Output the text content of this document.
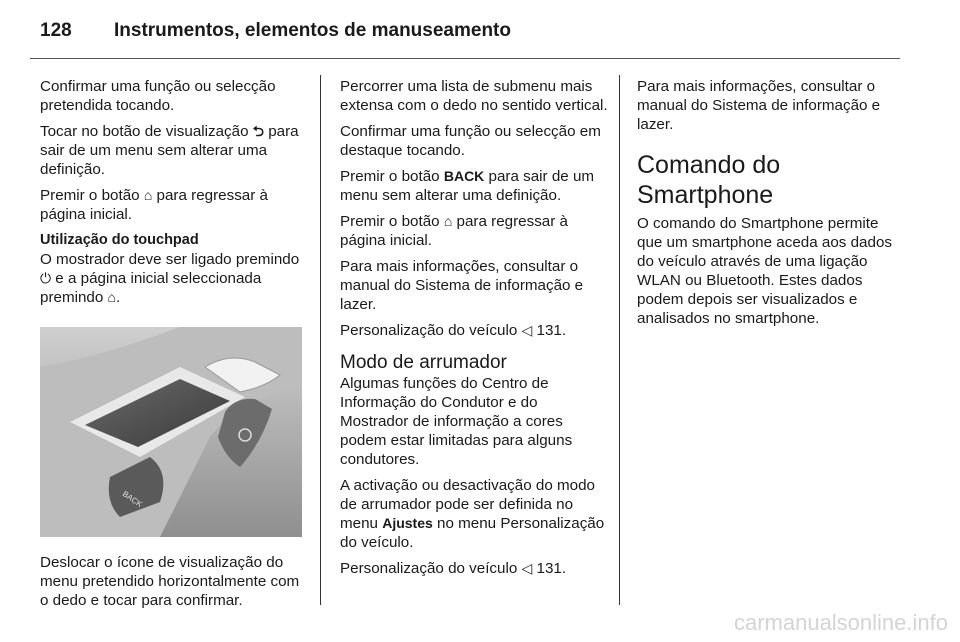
128 Instrumentos, elementos de manuseamento

Confirmar uma função ou selecção pretendida tocando.

Tocar no botão de visualização ⮌ para sair de um menu sem alterar uma definição.

Premir o botão ⌂ para regressar à página inicial.

Utilização do touchpad

O mostrador deve ser ligado premindo ⏻ e a página inicial seleccionada premindo ⌂.

BACK

Deslocar o ícone de visualização do menu pretendido horizontalmente com o dedo e tocar para confirmar.

Percorrer uma lista de submenu mais extensa com o dedo no sentido vertical.

Confirmar uma função ou selecção em destaque tocando.

Premir o botão BACK para sair de um menu sem alterar uma definição.

Premir o botão ⌂ para regressar à página inicial.

Para mais informações, consultar o manual do Sistema de informação e lazer.

Personalização do veículo ◁ 131.

Modo de arrumador

Algumas funções do Centro de Informação do Condutor e do Mostrador de informação a cores podem estar limitadas para alguns condutores.

A activação ou desactivação do modo de arrumador pode ser definida no menu Ajustes no menu Personalização do veículo.

Personalização do veículo ◁ 131.

Para mais informações, consultar o manual do Sistema de informação e lazer.

Comando do Smartphone

O comando do Smartphone permite que um smartphone aceda aos dados do veículo através de uma ligação WLAN ou Bluetooth. Estes dados podem depois ser visualizados e analisados no smartphone.

carmanualsonline.info
